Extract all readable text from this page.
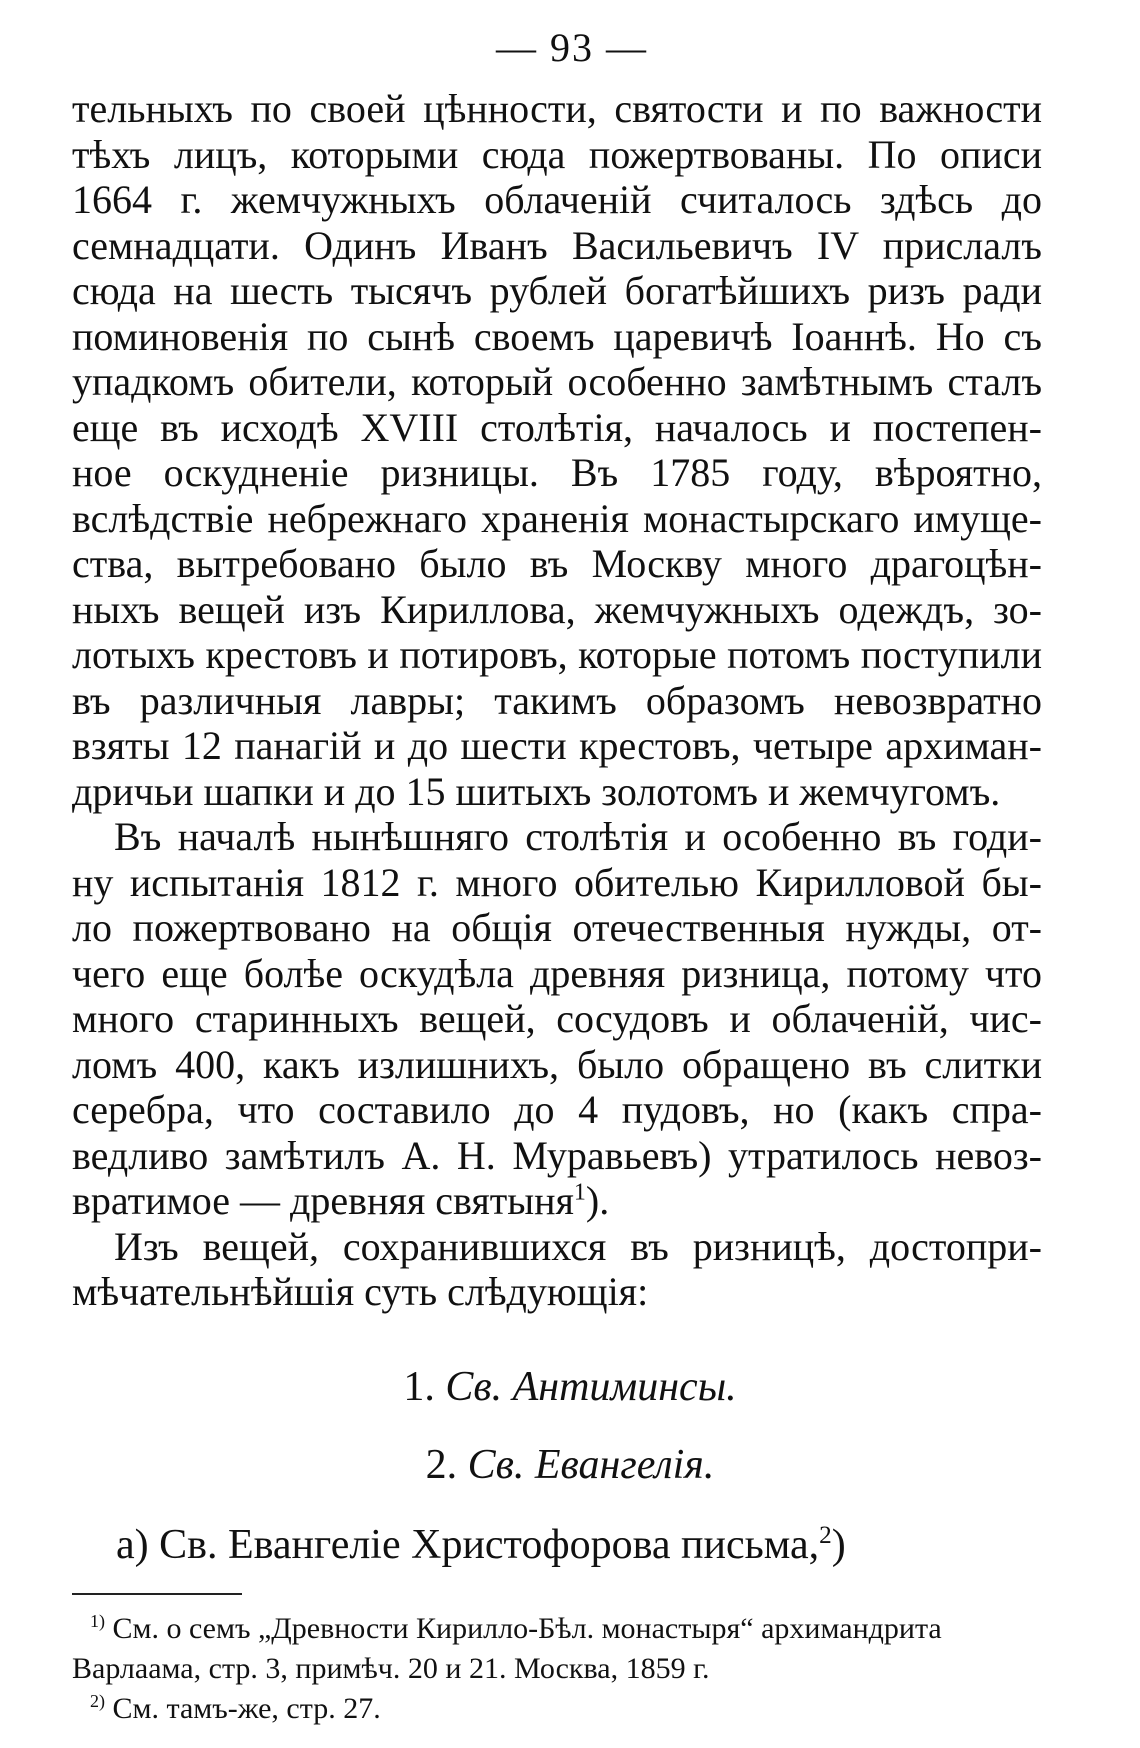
— 93 —
тельныхъ по своей цѣнности, святости и по важности
тѣхъ лицъ, которыми сюда пожертвованы. По описи
1664 г. жемчужныхъ облаченій считалось здѣсь до
семнадцати. Одинъ Иванъ Васильевичъ IV прислалъ
сюда на шесть тысячъ рублей богатѣйшихъ ризъ ради
поминовенія по сынѣ своемъ царевичѣ Іоаннѣ. Но съ
упадкомъ обители, который особенно замѣтнымъ сталъ
еще въ исходѣ XVIII столѣтія, началось и постепен-
ное оскудненіе ризницы. Въ 1785 году, вѣроятно,
вслѣдствіе небрежнаго храненія монастырскаго имуще-
ства, вытребовано было въ Москву много драгоцѣн-
ныхъ вещей изъ Кириллова, жемчужныхъ одеждъ, зо-
лотыхъ крестовъ и потировъ, которые потомъ поступили
въ различныя лавры; такимъ образомъ невозвратно
взяты 12 панагій и до шести крестовъ, четыре архиман-
дричьи шапки и до 15 шитыхъ золотомъ и жемчугомъ.
Въ началѣ нынѣшняго столѣтія и особенно въ годи-
ну испытанія 1812 г. много обителью Кирилловой бы-
ло пожертвовано на общія отечественныя нужды, от-
чего еще болѣе оскудѣла древняя ризница, потому что
много старинныхъ вещей, сосудовъ и облаченій, чис-
ломъ 400, какъ излишнихъ, было обращено въ слитки
серебра, что составило до 4 пудовъ, но (какъ спра-
ведливо замѣтилъ А. Н. Муравьевъ) утратилось невоз-
вратимое — древняя святыня$^1$).
Изъ вещей, сохранившихся въ ризницѣ, достопри-
мѣчательнѣйшія суть слѣдующія:
1. Св. Антиминсы.
2. Св. Евангелія.
а) Св. Евангеліе Христофорова письма,$^2$)
$^{1)}$ См. о семъ „Древности Кирилло-Бѣл. монастыря“ архимандрита
Варлаама, стр. 3, примѣч. 20 и 21. Москва, 1859 г.
$^{2)}$ См. тамъ-же, стр. 27.
